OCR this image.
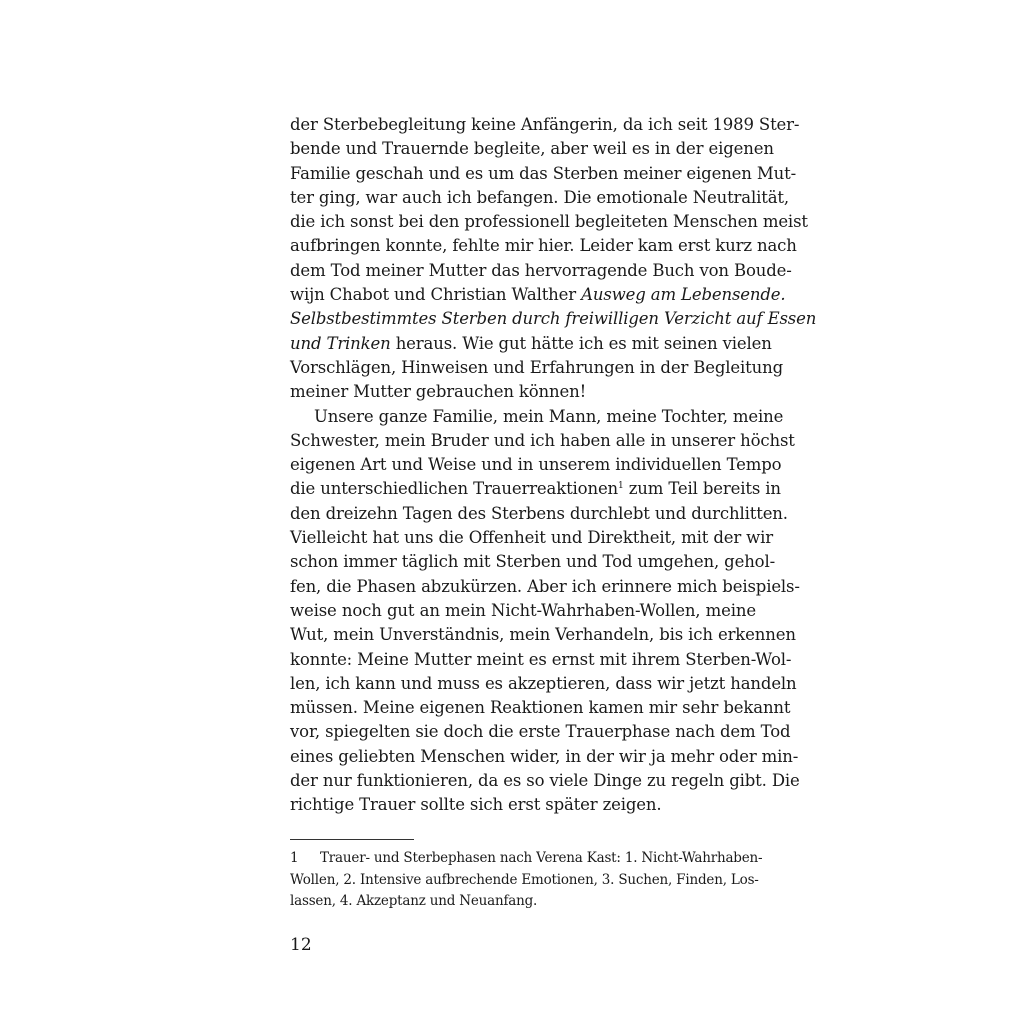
der Sterbebegleitung keine Anfängerin, da ich seit 1989 Ster-
bende und Trauernde begleite, aber weil es in der eigenen
Familie geschah und es um das Sterben meiner eigenen Mut-
ter ging, war auch ich befangen. Die emotionale Neutralität,
die ich sonst bei den professionell begleiteten Menschen meist
aufbringen konnte, fehlte mir hier. Leider kam erst kurz nach
dem Tod meiner Mutter das hervorragende Buch von Boude-
wijn Chabot und Christian Walther Ausweg am Lebensende.
Selbstbestimmtes Sterben durch freiwilligen Verzicht auf Essen
und Trinken heraus. Wie gut hätte ich es mit seinen vielen
Vorschlägen, Hinweisen und Erfahrungen in der Begleitung
meiner Mutter gebrauchen können!
Unsere ganze Familie, mein Mann, meine Tochter, meine
Schwester, mein Bruder und ich haben alle in unserer höchst
eigenen Art und Weise und in unserem individuellen Tempo
die unterschiedlichen Trauerreaktionen$^1$ zum Teil bereits in
den dreizehn Tagen des Sterbens durchlebt und durchlitten.
Vielleicht hat uns die Offenheit und Direktheit, mit der wir
schon immer täglich mit Sterben und Tod umgehen, gehol-
fen, die Phasen abzukürzen. Aber ich erinnere mich beispiels-
weise noch gut an mein Nicht-Wahrhaben-Wollen, meine
Wut, mein Unverständnis, mein Verhandeln, bis ich erkennen
konnte: Meine Mutter meint es ernst mit ihrem Sterben-Wol-
len, ich kann und muss es akzeptieren, dass wir jetzt handeln
müssen. Meine eigenen Reaktionen kamen mir sehr bekannt
vor, spiegelten sie doch die erste Trauerphase nach dem Tod
eines geliebten Menschen wider, in der wir ja mehr oder min-
der nur funktionieren, da es so viele Dinge zu regeln gibt. Die
richtige Trauer sollte sich erst später zeigen.
1 Trauer- und Sterbephasen nach Verena Kast: 1. Nicht-Wahrhaben-
Wollen, 2. Intensive aufbrechende Emotionen, 3. Suchen, Finden, Los-
lassen, 4. Akzeptanz und Neuanfang.
12
